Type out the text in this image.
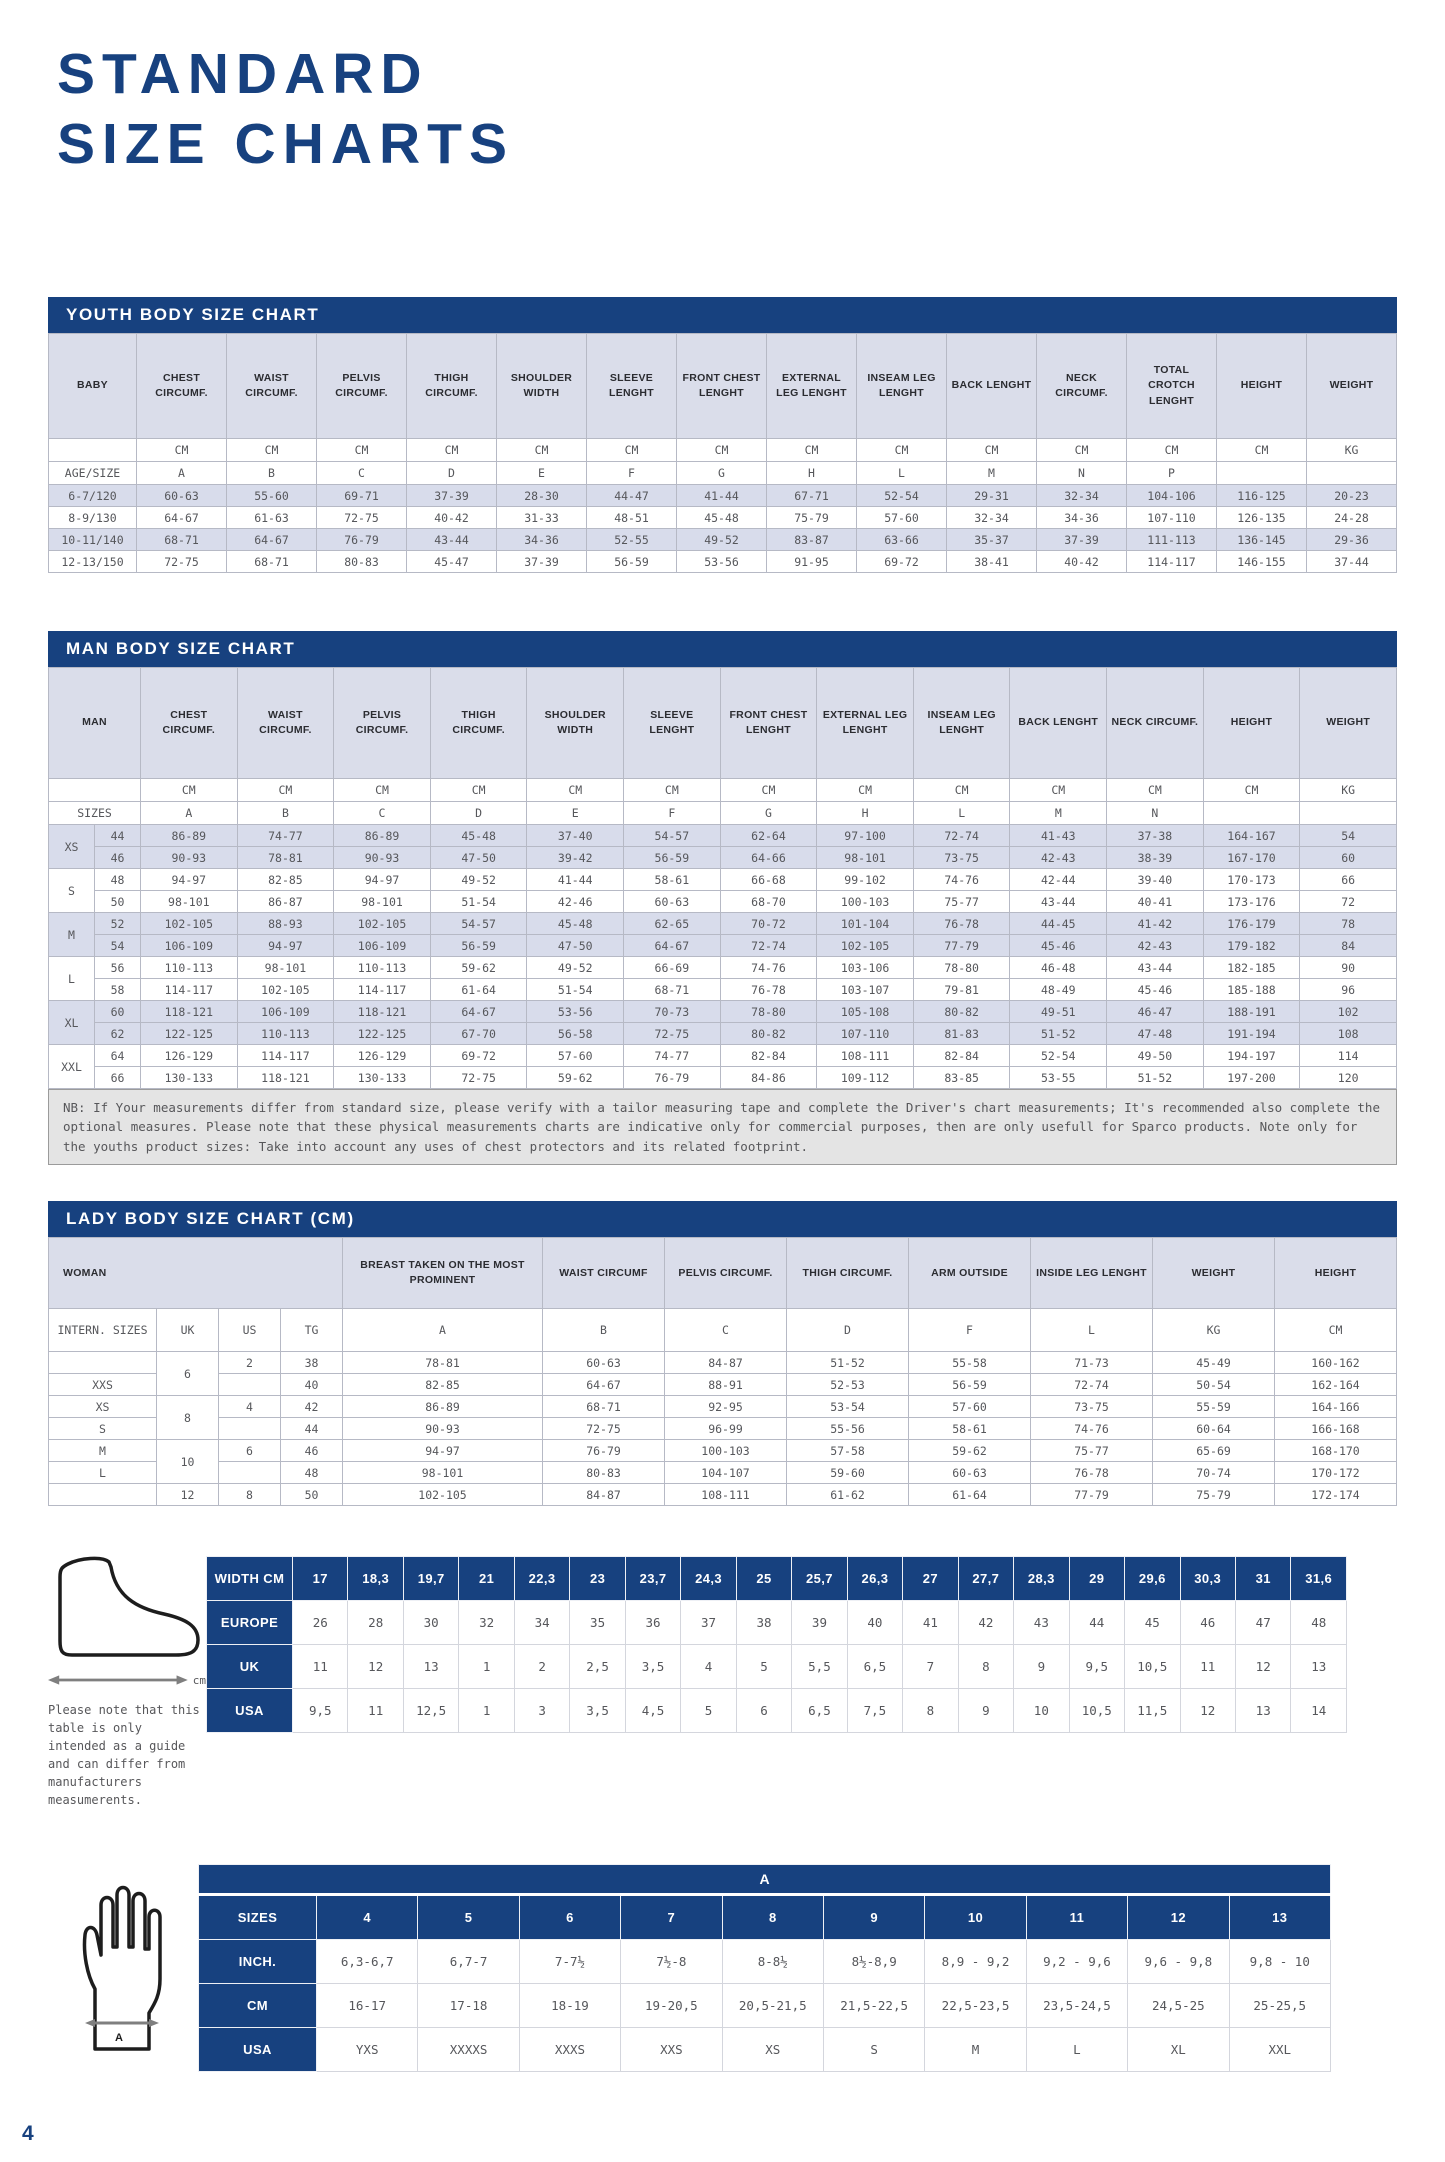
STANDARD
SIZE CHARTS
YOUTH BODY SIZE CHART
BABY	CHEST CIRCUMF.	WAIST CIRCUMF.	PELVIS CIRCUMF.	THIGH CIRCUMF.	SHOULDER WIDTH	SLEEVE LENGHT	FRONT CHEST LENGHT	EXTERNAL LEG LENGHT	INSEAM LEG LENGHT	BACK LENGHT	NECK CIRCUMF.	TOTAL CROTCH LENGHT	HEIGHT	WEIGHT
	CM	CM	CM	CM	CM	CM	CM	CM	CM	CM	CM	CM	CM	KG
AGE/SIZE	A	B	C	D	E	F	G	H	L	M	N	P		
6-7/120	60-63	55-60	69-71	37-39	28-30	44-47	41-44	67-71	52-54	29-31	32-34	104-106	116-125	20-23
8-9/130	64-67	61-63	72-75	40-42	31-33	48-51	45-48	75-79	57-60	32-34	34-36	107-110	126-135	24-28
10-11/140	68-71	64-67	76-79	43-44	34-36	52-55	49-52	83-87	63-66	35-37	37-39	111-113	136-145	29-36
12-13/150	72-75	68-71	80-83	45-47	37-39	56-59	53-56	91-95	69-72	38-41	40-42	114-117	146-155	37-44
MAN BODY SIZE CHART
MAN		CHEST CIRCUMF.	WAIST CIRCUMF.	PELVIS CIRCUMF.	THIGH CIRCUMF.	SHOULDER WIDTH	SLEEVE LENGHT	FRONT CHEST LENGHT	EXTERNAL LEG LENGHT	INSEAM LEG LENGHT	BACK LENGHT	NECK CIRCUMF.	HEIGHT	WEIGHT
		CM	CM	CM	CM	CM	CM	CM	CM	CM	CM	CM	CM	KG
SIZES		A	B	C	D	E	F	G	H	L	M	N		
XS	44	86-89	74-77	86-89	45-48	37-40	54-57	62-64	97-100	72-74	41-43	37-38	164-167	54
	46	90-93	78-81	90-93	47-50	39-42	56-59	64-66	98-101	73-75	42-43	38-39	167-170	60
S	48	94-97	82-85	94-97	49-52	41-44	58-61	66-68	99-102	74-76	42-44	39-40	170-173	66
	50	98-101	86-87	98-101	51-54	42-46	60-63	68-70	100-103	75-77	43-44	40-41	173-176	72
M	52	102-105	88-93	102-105	54-57	45-48	62-65	70-72	101-104	76-78	44-45	41-42	176-179	78
	54	106-109	94-97	106-109	56-59	47-50	64-67	72-74	102-105	77-79	45-46	42-43	179-182	84
L	56	110-113	98-101	110-113	59-62	49-52	66-69	74-76	103-106	78-80	46-48	43-44	182-185	90
	58	114-117	102-105	114-117	61-64	51-54	68-71	76-78	103-107	79-81	48-49	45-46	185-188	96
XL	60	118-121	106-109	118-121	64-67	53-56	70-73	78-80	105-108	80-82	49-51	46-47	188-191	102
	62	122-125	110-113	122-125	67-70	56-58	72-75	80-82	107-110	81-83	51-52	47-48	191-194	108
XXL	64	126-129	114-117	126-129	69-72	57-60	74-77	82-84	108-111	82-84	52-54	49-50	194-197	114
	66	130-133	118-121	130-133	72-75	59-62	76-79	84-86	109-112	83-85	53-55	51-52	197-200	120
NB: If Your measurements differ from standard size, please verify with a tailor measuring tape and complete the Driver's chart measurements; It's recommended also complete the optional measures. Please note that these physical measurements charts are indicative only for commercial purposes, then are only usefull for Sparco products. Note only for the youths product sizes: Take into account any uses of chest protectors and its related footprint.
LADY BODY SIZE CHART (CM)
WOMAN				BREAST TAKEN ON THE MOST PROMINENT	WAIST CIRCUMF	PELVIS CIRCUMF.	THIGH CIRCUMF.	ARM OUTSIDE	INSIDE LEG LENGHT	WEIGHT	HEIGHT
INTERN. SIZES	UK	US	TG	A	B	C	D	F	L	KG	CM
	6	2	38	78-81	60-63	84-87	51-52	55-58	71-73	45-49	160-162
XXS			40	82-85	64-67	88-91	52-53	56-59	72-74	50-54	162-164
XS	8	4	42	86-89	68-71	92-95	53-54	57-60	73-75	55-59	164-166
S			44	90-93	72-75	96-99	55-56	58-61	74-76	60-64	166-168
M	10	6	46	94-97	76-79	100-103	57-58	59-62	75-77	65-69	168-170
L			48	98-101	80-83	104-107	59-60	60-63	76-78	70-74	170-172
	12	8	50	102-105	84-87	108-111	61-62	61-64	77-79	75-79	172-174
cm
Please note that this table is only intended as a guide and can differ from manufacturers measumerents.
WIDTH CM	17	18,3	19,7	21	22,3	23	23,7	24,3	25	25,7	26,3	27	27,7	28,3	29	29,6	30,3	31	31,6
EUROPE	26	28	30	32	34	35	36	37	38	39	40	41	42	43	44	45	46	47	48
UK	11	12	13	1	2	2,5	3,5	4	5	5,5	6,5	7	8	9	9,5	10,5	11	12	13
USA	9,5	11	12,5	1	3	3,5	4,5	5	6	6,5	7,5	8	9	10	10,5	11,5	12	13	14
A
A										
SIZES	4	5	6	7	8	9	10	11	12	13
INCH.	6,3-6,7	6,7-7	7-7½	7½-8	8-8½	8½-8,9	8,9 - 9,2	9,2 - 9,6	9,6 - 9,8	9,8 - 10
CM	16-17	17-18	18-19	19-20,5	20,5-21,5	21,5-22,5	22,5-23,5	23,5-24,5	24,5-25	25-25,5
USA	YXS	XXXXS	XXXS	XXS	XS	S	M	L	XL	XXL
4
